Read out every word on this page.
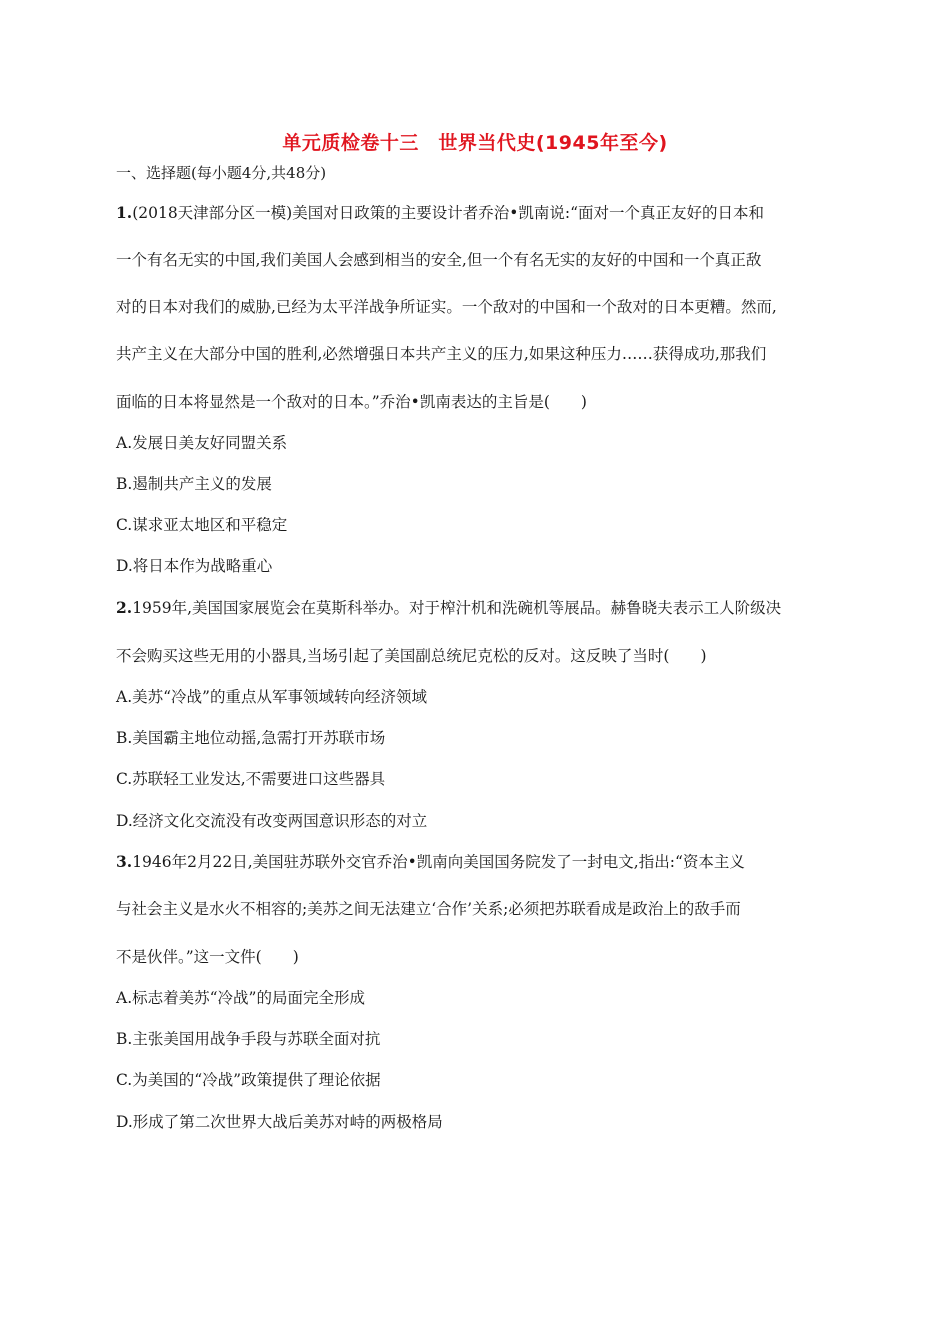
单元质检卷十三　世界当代史(1945年至今)
一、选择题(每小题4分,共48分)
1.(2018天津部分区一模)美国对日政策的主要设计者乔治•凯南说:“面对一个真正友好的日本和
一个有名无实的中国,我们美国人会感到相当的安全,但一个有名无实的友好的中国和一个真正敌
对的日本对我们的威胁,已经为太平洋战争所证实。一个敌对的中国和一个敌对的日本更糟。然而,
共产主义在大部分中国的胜利,必然增强日本共产主义的压力,如果这种压力……获得成功,那我们
面临的日本将显然是一个敌对的日本。”乔治•凯南表达的主旨是(　　)
A.发展日美友好同盟关系
B.遏制共产主义的发展
C.谋求亚太地区和平稳定
D.将日本作为战略重心
2.1959年,美国国家展览会在莫斯科举办。对于榨汁机和洗碗机等展品。赫鲁晓夫表示工人阶级决
不会购买这些无用的小器具,当场引起了美国副总统尼克松的反对。这反映了当时(　　)
A.美苏“冷战”的重点从军事领域转向经济领域
B.美国霸主地位动摇,急需打开苏联市场
C.苏联轻工业发达,不需要进口这些器具
D.经济文化交流没有改变两国意识形态的对立
3.1946年2月22日,美国驻苏联外交官乔治•凯南向美国国务院发了一封电文,指出:“资本主义
与社会主义是水火不相容的;美苏之间无法建立‘合作’关系;必须把苏联看成是政治上的敌手而
不是伙伴。”这一文件(　　)
A.标志着美苏“冷战”的局面完全形成
B.主张美国用战争手段与苏联全面对抗
C.为美国的“冷战”政策提供了理论依据
D.形成了第二次世界大战后美苏对峙的两极格局
